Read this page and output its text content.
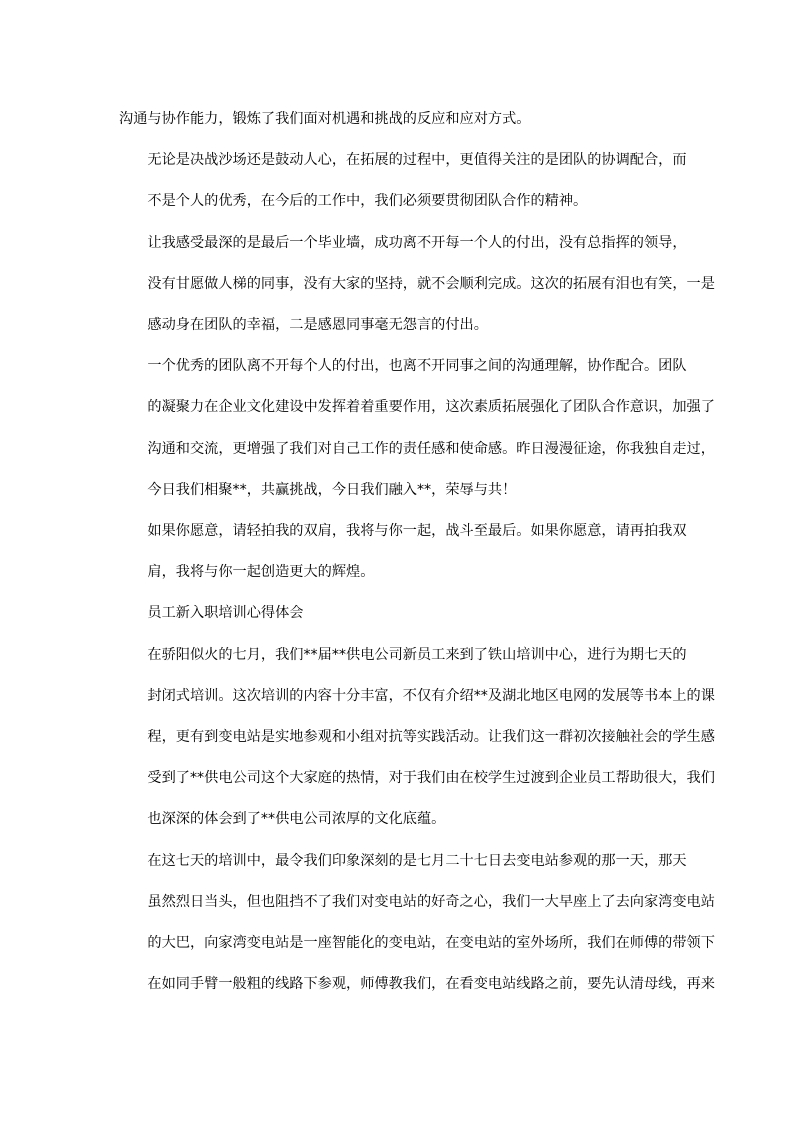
沟通与协作能力，锻炼了我们面对机遇和挑战的反应和应对方式。

无论是决战沙场还是鼓动人心，在拓展的过程中，更值得关注的是团队的协调配合，而
不是个人的优秀，在今后的工作中，我们必须要贯彻团队合作的精神。

让我感受最深的是最后一个毕业墙，成功离不开每一个人的付出，没有总指挥的领导，
没有甘愿做人梯的同事，没有大家的坚持，就不会顺利完成。这次的拓展有泪也有笑，一是
感动身在团队的幸福，二是感恩同事毫无怨言的付出。

一个优秀的团队离不开每个人的付出，也离不开同事之间的沟通理解，协作配合。团队
的凝聚力在企业文化建设中发挥着着重要作用，这次素质拓展强化了团队合作意识，加强了
沟通和交流，更增强了我们对自己工作的责任感和使命感。昨日漫漫征途，你我独自走过，
今日我们相聚**，共赢挑战，今日我们融入**，荣辱与共！

如果你愿意，请轻拍我的双肩，我将与你一起，战斗至最后。如果你愿意，请再拍我双
肩，我将与你一起创造更大的辉煌。

员工新入职培训心得体会

在骄阳似火的七月，我们**届**供电公司新员工来到了铁山培训中心，进行为期七天的
封闭式培训。这次培训的内容十分丰富，不仅有介绍**及湖北地区电网的发展等书本上的课
程，更有到变电站是实地参观和小组对抗等实践活动。让我们这一群初次接触社会的学生感
受到了**供电公司这个大家庭的热情，对于我们由在校学生过渡到企业员工帮助很大，我们
也深深的体会到了**供电公司浓厚的文化底蕴。

在这七天的培训中，最令我们印象深刻的是七月二十七日去变电站参观的那一天，那天
虽然烈日当头，但也阻挡不了我们对变电站的好奇之心，我们一大早座上了去向家湾变电站
的大巴，向家湾变电站是一座智能化的变电站，在变电站的室外场所，我们在师傅的带领下
在如同手臂一般粗的线路下参观，师傅教我们，在看变电站线路之前，要先认清母线，再来
